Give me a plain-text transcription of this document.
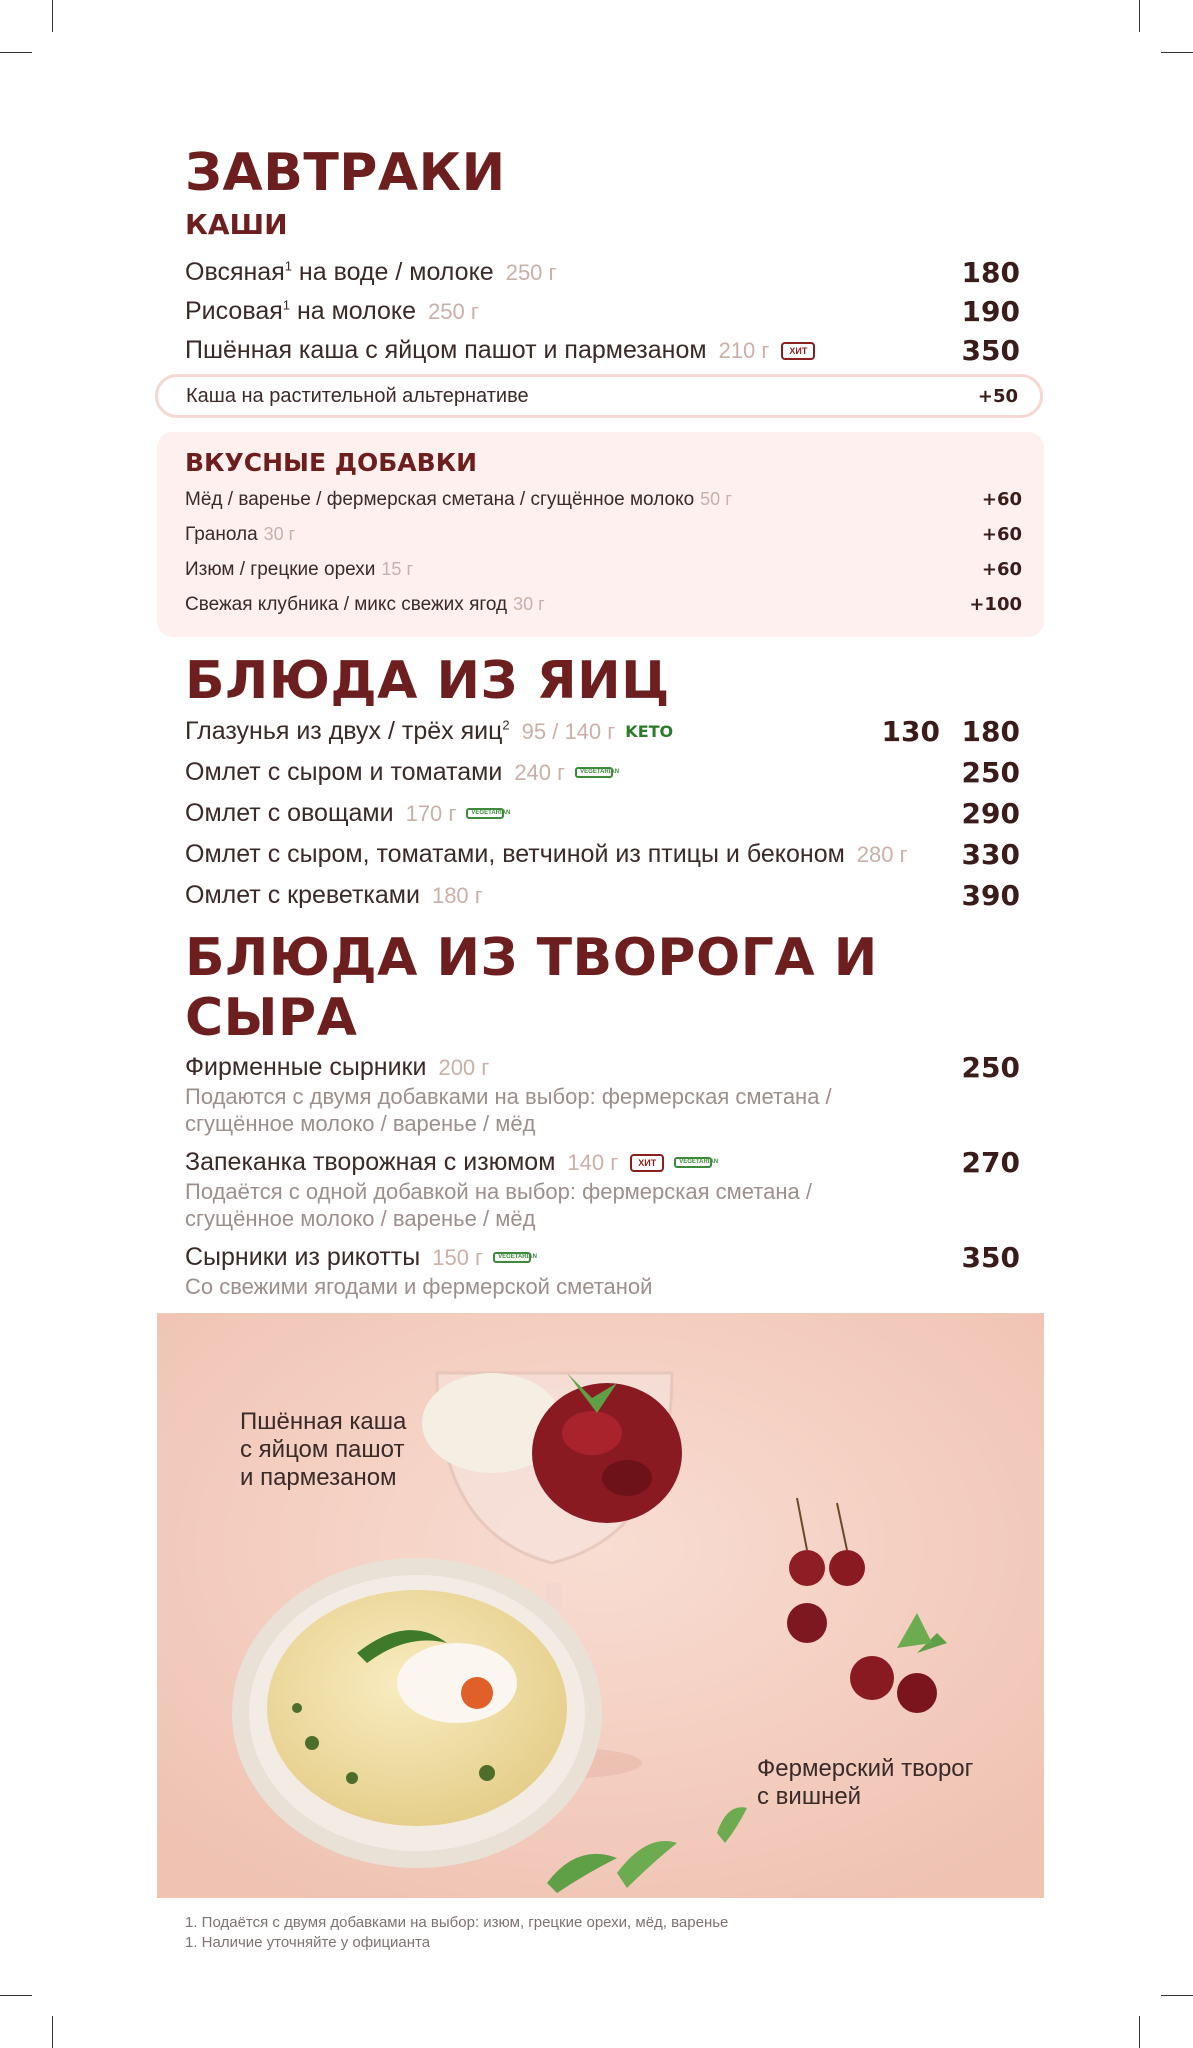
ЗАВТРАКИ
КАШИ
Овсяная$^1$ на воде / молоке 250 г	180
Рисовая$^1$ на молоке 250 г	190
Пшённая каша с яйцом пашот и пармезаном 210 г	ХИТ	350
Каша на растительной альтернативе	+50
ВКУСНЫЕ ДОБАВКИ
Мёд / варенье / фермерская сметана / сгущённое молоко 50 г	+60
Гранола 30 г	+60
Изюм / грецкие орехи 15 г	+60
Свежая клубника / микс свежих ягод 30 г	+100
БЛЮДА ИЗ ЯИЦ
Глазунья из двух / трёх яиц$^2$ 95 / 140 г KETO	130 180
Омлет с сыром и томатами 240 г	VEGETARIAN	250
Омлет с овощами 170 г	VEGETARIAN	290
Омлет с сыром, томатами, ветчиной из птицы и беконом 280 г 330
Омлет с креветками 180 г	390
БЛЮДА ИЗ ТВОРОГА И СЫРА
Фирменные сырники 200 г	250
Подаются с двумя добавками на выбор: фермерская сметана / сгущённое молоко / варенье / мёд
Запеканка творожная с изюмом 140 г	ХИТ	VEGETARIAN	270
Подаётся с одной добавкой на выбор: фермерская сметана / сгущённое молоко / варенье / мёд
Сырники из рикотты 150 г	VEGETARIAN	350
Со свежими ягодами и фермерской сметаной
Пшённая каша
с яйцом пашот
и пармезаном
Фермерский творог
с вишней
1. Подаётся с двумя добавками на выбор: изюм, грецкие орехи, мёд, варенье
1. Наличие уточняйте у официанта
